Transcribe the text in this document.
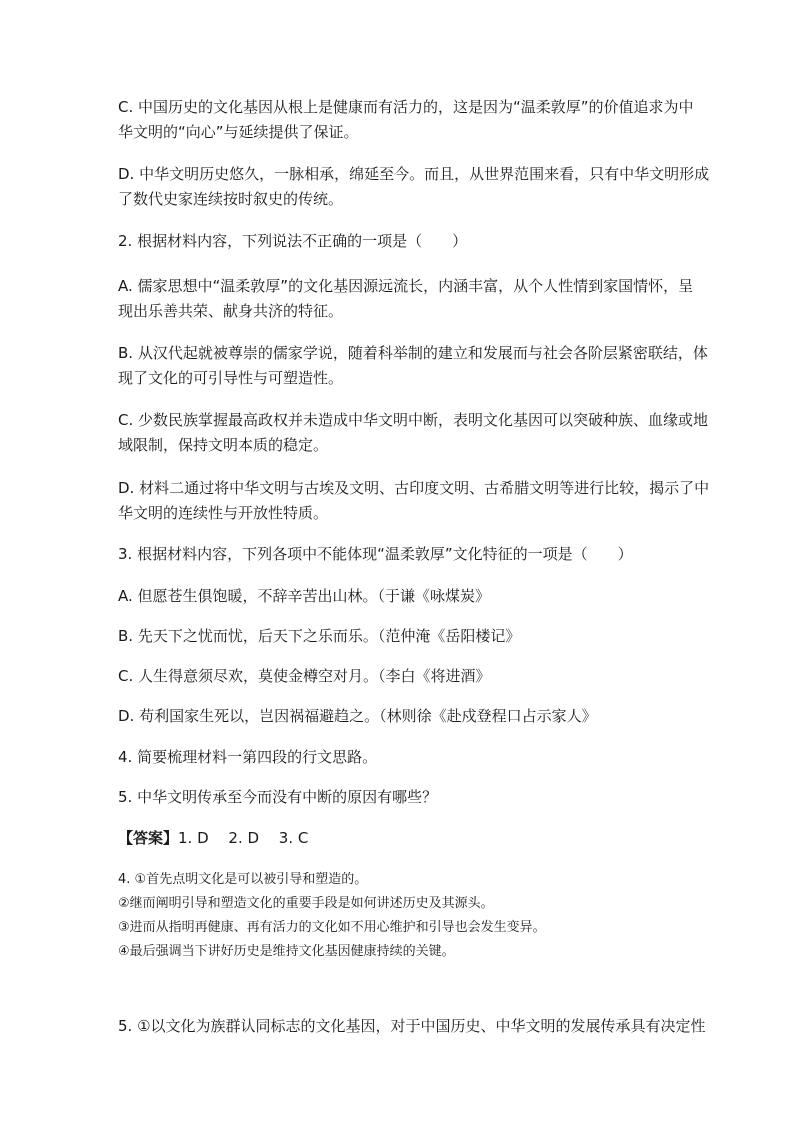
C. 中国历史的文化基因从根上是健康而有活力的，这是因为“温柔敦厚”的价值追求为中
华文明的“向心”与延续提供了保证。
D. 中华文明历史悠久，一脉相承，绵延至今。而且，从世界范围来看，只有中华文明形成
了数代史家连续按时叙史的传统。
2. 根据材料内容，下列说法不正确的一项是（　　）
A. 儒家思想中“温柔敦厚”的文化基因源远流长，内涵丰富，从个人性情到家国情怀，呈
现出乐善共荣、献身共济的特征。
B. 从汉代起就被尊崇的儒家学说，随着科举制的建立和发展而与社会各阶层紧密联结，体
现了文化的可引导性与可塑造性。
C. 少数民族掌握最高政权并未造成中华文明中断，表明文化基因可以突破种族、血缘或地
域限制，保持文明本质的稳定。
D. 材料二通过将中华文明与古埃及文明、古印度文明、古希腊文明等进行比较，揭示了中
华文明的连续性与开放性特质。
3. 根据材料内容，下列各项中不能体现“温柔敦厚”文化特征的一项是（　　）
A. 但愿苍生俱饱暖，不辞辛苦出山林。（于谦《咏煤炭》
B. 先天下之忧而忧，后天下之乐而乐。（范仲淹《岳阳楼记》
C. 人生得意须尽欢，莫使金樽空对月。（李白《将进酒》
D. 苟利国家生死以，岂因祸福避趋之。（林则徐《赴戍登程口占示家人》
4. 简要梳理材料一第四段的行文思路。
5. 中华文明传承至今而没有中断的原因有哪些？
【答案】1. D　 2. D　 3. C
4. ①首先点明文化是可以被引导和塑造的。
②继而阐明引导和塑造文化的重要手段是如何讲述历史及其源头。
③进而从指明再健康、再有活力的文化如不用心维护和引导也会发生变异。
④最后强调当下讲好历史是维持文化基因健康持续的关键。
5. ①以文化为族群认同标志的文化基因，对于中国历史、中华文明的发展传承具有决定性
